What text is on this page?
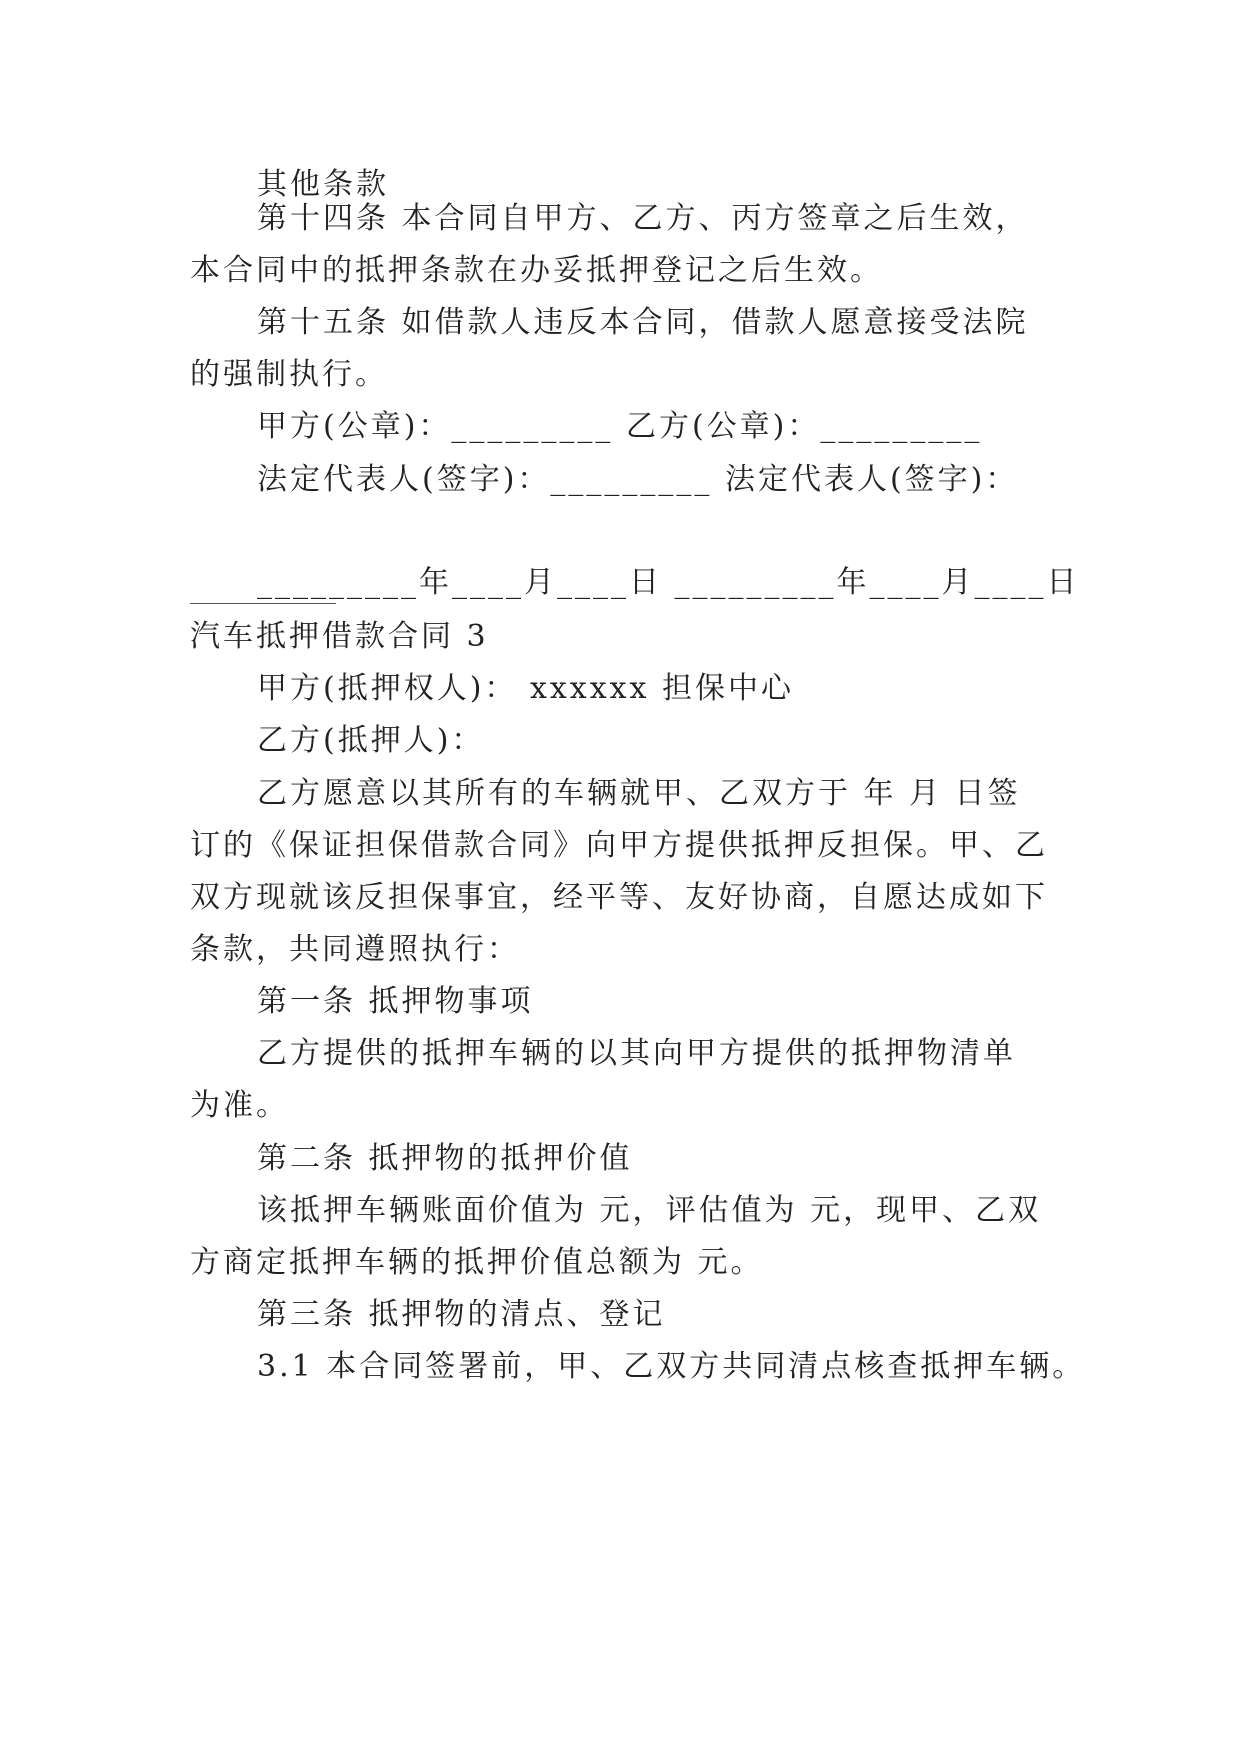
其他条款
第十四条 本合同自甲方、乙方、丙方签章之后生效，
本合同中的抵押条款在办妥抵押登记之后生效。
第十五条 如借款人违反本合同，借款人愿意接受法院
的强制执行。
甲方(公章)：_________ 乙方(公章)：_________
法定代表人(签字)：_________ 法定代表人(签字)：
_________年____月____日 _________年____月____日
汽车抵押借款合同 3
甲方(抵押权人)： xxxxxx 担保中心
乙方(抵押人)：
乙方愿意以其所有的车辆就甲、乙双方于 年 月 日签
订的《保证担保借款合同》向甲方提供抵押反担保。甲、乙
双方现就该反担保事宜，经平等、友好协商，自愿达成如下
条款，共同遵照执行：
第一条 抵押物事项
乙方提供的抵押车辆的以其向甲方提供的抵押物清单
为准。
第二条 抵押物的抵押价值
该抵押车辆账面价值为 元，评估值为 元，现甲、乙双
方商定抵押车辆的抵押价值总额为 元。
第三条 抵押物的清点、登记
3.1 本合同签署前，甲、乙双方共同清点核查抵押车辆。
